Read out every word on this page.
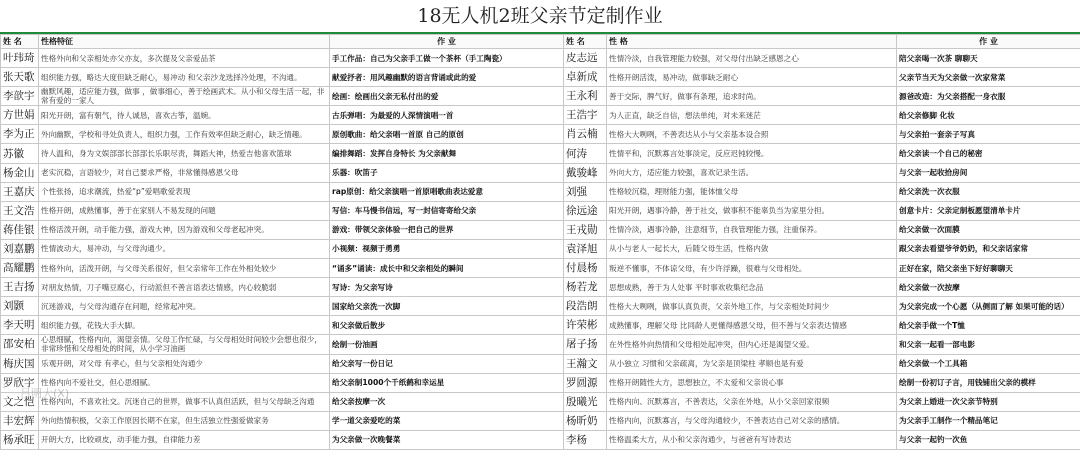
18无人机2班父亲节定制作业
姓 名	性格特征	作 业	姓 名	性 格	作 业
叶玮琦	性格外向和父亲相处亦父亦友，多次提及父亲爱品茶	手工作品：自己为父亲手工做一个茶杯（手工陶瓷）	皮志远	性情冷淡，自我管理能力较强，对父母付出缺乏感恩之心	陪父亲喝一次茶 聊聊天
张天歌	组织能力强，略达大度但缺乏耐心，易冲动 和父亲沙龙选择冷处理，不沟通。	献爱抒者：用风趣幽默的语言背诵或此的爱	卓新成	性格开朗活泼，易冲动，做事缺乏耐心	父亲节当天为父亲做一次家常菜
李歆宇	幽默风趣，适应能力强，做事 ，做事细心，善于绘画武术。从小和父母生活一起，非常有爱的一家人	绘画：绘画出父亲无私付出的爱	王永利	善于交际，脾气好，做事有条理，追求时尚。	源爸改造：为父亲搭配一身衣服
方世娟	阳光开朗，富有朝气，待人诚恳，喜欢古筝，温婉。	古乐弹唱：为最爱的人深情演唱一首	王浩宇	为人正直，缺乏自信，想法单纯，对未来迷茫	给父亲修脚 化妆
李为正	外向幽默，学校和寻处负责人，组织力强，工作有效率但缺乏耐心，缺乏情趣。	原创歌曲：给父亲唱一首原 自己的原创	肖云楠	性格大大咧咧，不善表达从小与父亲基本设合照	与父亲拍一套亲子写真
苏徽	待人温和，身为文娱部部长部部长乐职尽责，舞蹈大神，热爱吉他喜欢篮球	编排舞蹈：发挥自身特长 为父亲献舞	何涛	性情平和，沉默寡言处事淡定，反应迟钝较慢。	给父亲读一个自己的秘密
杨金山	老实沉稳，言语较少，对自己要求严格，非常懂得感恩父母	乐器：吹笛子	戴骏峰	外向大方，适应能力较强，喜欢记录生活。	与父亲一起收拾房间
王嘉庆	个性张扬，追求潮流，热爱“p”爱唱歌爱表现	rap原创：给父亲演唱一首原唱歌曲表达爱意	刘强	性格较沉稳，理财能力强，能体恤父母	给父亲洗一次衣服
王文浩	性格开朗，成熟懂事，善于在家别人不易发现的问题	写信：车马慢书信远，写一封信寄寄给父亲	徐远途	阳光开朗，遇事冷静，善于社交，做事积不能辜负当为家里分担。	创意卡片：父亲定制板愿望清单卡片
蒋佳银	性格活泼开朗，动手能力强，游戏大神，因为游戏和父母老起冲突。	游戏：带领父亲体验一把自己的世界	王戎勋	性情冷淡，遇事冷静，注意细节，自我管理能力强，注重保养。	给父亲做一次面膜
刘嘉鹏	性情波动大，易冲动，与父母沟通少。	小视频：视频于勇勇	袁泽旭	从小与老人一起长大，后随父母生活，性格内敛	跟父亲去看望爷爷奶奶，和父亲话家常
高耀鹏	性格外向，活泼开朗，与父母关系很好，但父亲常年工作在外相处较少	“诵多”诵读：成长中和父亲相处的瞬间	付晨杨	叛逆不懂事，不体谅父母，有少许浮躁，很难与父母相处。	正好在家，陪父亲坐下好好聊聊天
王吉扬	对朋友热情，刀子嘴豆腐心，行动派但不善言语表达情感，内心较脆弱	写诗：为父亲写诗	杨若龙	思想成熟，善于为人处事 平时事欢收集纪念品	给父亲做一次按摩
刘颢	沉迷游戏，与父母沟通存在问题，经常起冲突。	国家给父亲洗一次脚	段浩朗	性格大大咧咧，做事认真负责，父亲外地工作，与父亲相处时间少	为父亲完成一个心愿（从侧面了解 如果可能的话）
李天明	组织能力强，花钱大手大脚。	和父亲做后散步	许荣彬	成熟懂事，理解父母 比同龄人更懂得感恩父母，但不善与父亲表达情感	给父亲手做一个T恤
邵安柏	心思细腻，性格内向，渴望亲情。父母工作忙碌，与父母相处时间较少会想也很少，非常珍惜和父母相处的时间，从小学习油画	绘制一份油画	屠子扬	在外性格外向热情和父母相处起冲突，但内心还是渴望父爱。	和父亲一起看一部电影
梅庆国	乐观开朗，对父母 有孝心，但与父亲相处沟通少	给父亲写一份日记	王瀚文	从小独立 习惯和父亲疏离，为父亲是顶梁柱 孝顺也是有爱	给父亲做一个工具箱
罗欣宇	性格内向不爱社交，但心思细腻。	给父亲制1000个千纸鹤和幸运星	罗圆源	性格开朗随性大方，思想独立，不太爱和父亲说心事	绘制一份初订子言，用钱铺出父亲的模样
文之恺	性格内向，不喜欢社交。沉迷自己的世界，做事不认真但活跃，但与父母缺乏沟通	给父亲按摩一次	殷曦光	性格内向、沉默寡言，不善表达，父亲在外地，从小父亲回家很频	为父亲上婚进一次父亲节特别
丰宏辉	外向热情积极，父亲工作原因长期不在家，但生活独立性强爱做家务	学一道父亲爱吃的菜	杨昕奶	性格内向，沉默寡言，与父母沟通较少，不善表达自己对父亲的感情。	为父亲手工制作一个精品笔记
杨承旺	开朗大方，比较顽皮，动手能力强，自律能力差	为父亲做一次晚餐菜	李杨	性格温柔大方，从小和父亲沟通少，与爸爸有写诗表达	与父亲一起钓一次鱼
吕明大(X)
